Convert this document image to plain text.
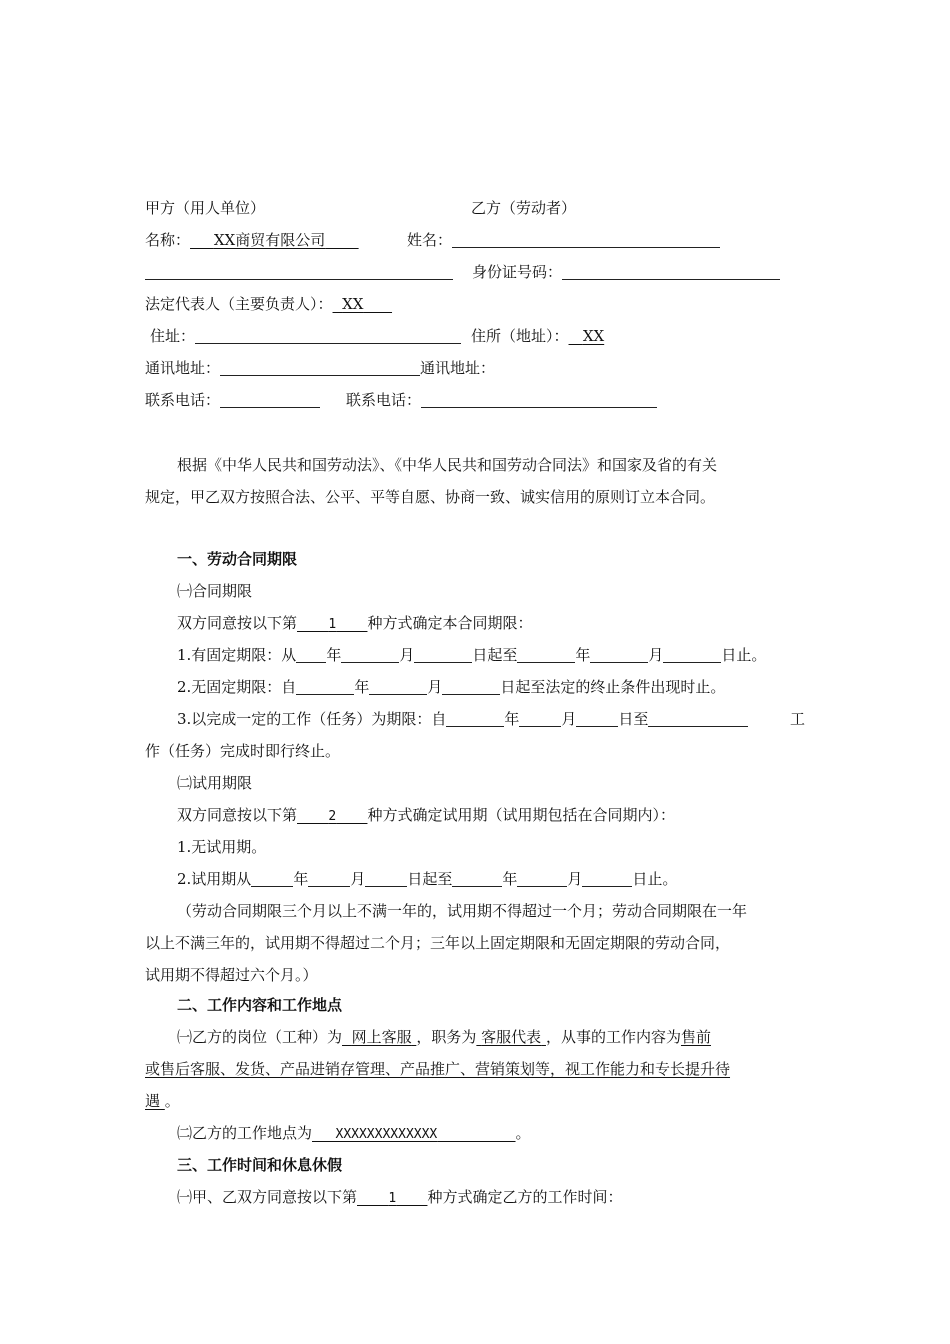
甲方（用人单位）	乙方（劳动者）
名称： XX商贸有限公司	姓名：
身份证号码：
法定代表人（主要负责人）： XX
住址：	住所（地址）： XX
通讯地址：	通讯地址：
联系电话：	联系电话：
根据《中华人民共和国劳动法》、《中华人民共和国劳动合同法》和国家及省的有关
规定，甲乙双方按照合法、公平、平等自愿、协商一致、诚实信用的原则订立本合同。
一、劳动合同期限
㈠合同期限
双方同意按以下第 1 种方式确定本合同期限：
1.有固定期限：从 年	月	日起至	年	月	日止。
2.无固定期限：自	年	月	日起至法定的终止条件出现时止。
3.以完成一定的工作（任务）为期限：自	年	月	日至	工
作（任务）完成时即行终止。
㈡试用期限
双方同意按以下第 2 种方式确定试用期（试用期包括在合同期内）：
1.无试用期。
2.试用期从	年	月	日起至	年	月	日止。
（劳动合同期限三个月以上不满一年的，试用期不得超过一个月；劳动合同期限在一年
以上不满三年的，试用期不得超过二个月；三年以上固定期限和无固定期限的劳动合同，
试用期不得超过六个月。）
二、工作内容和工作地点
㈠乙方的岗位（工种）为 网上客服 ，职务为 客服代表 ，从事的工作内容为售前
或售后客服、发货、产品进销存管理、产品推广、营销策划等，视工作能力和专长提升待
遇 。
㈡乙方的工作地点为 XXXXXXXXXXXXX	。
三、工作时间和休息休假
㈠甲、乙双方同意按以下第 1 种方式确定乙方的工作时间：
